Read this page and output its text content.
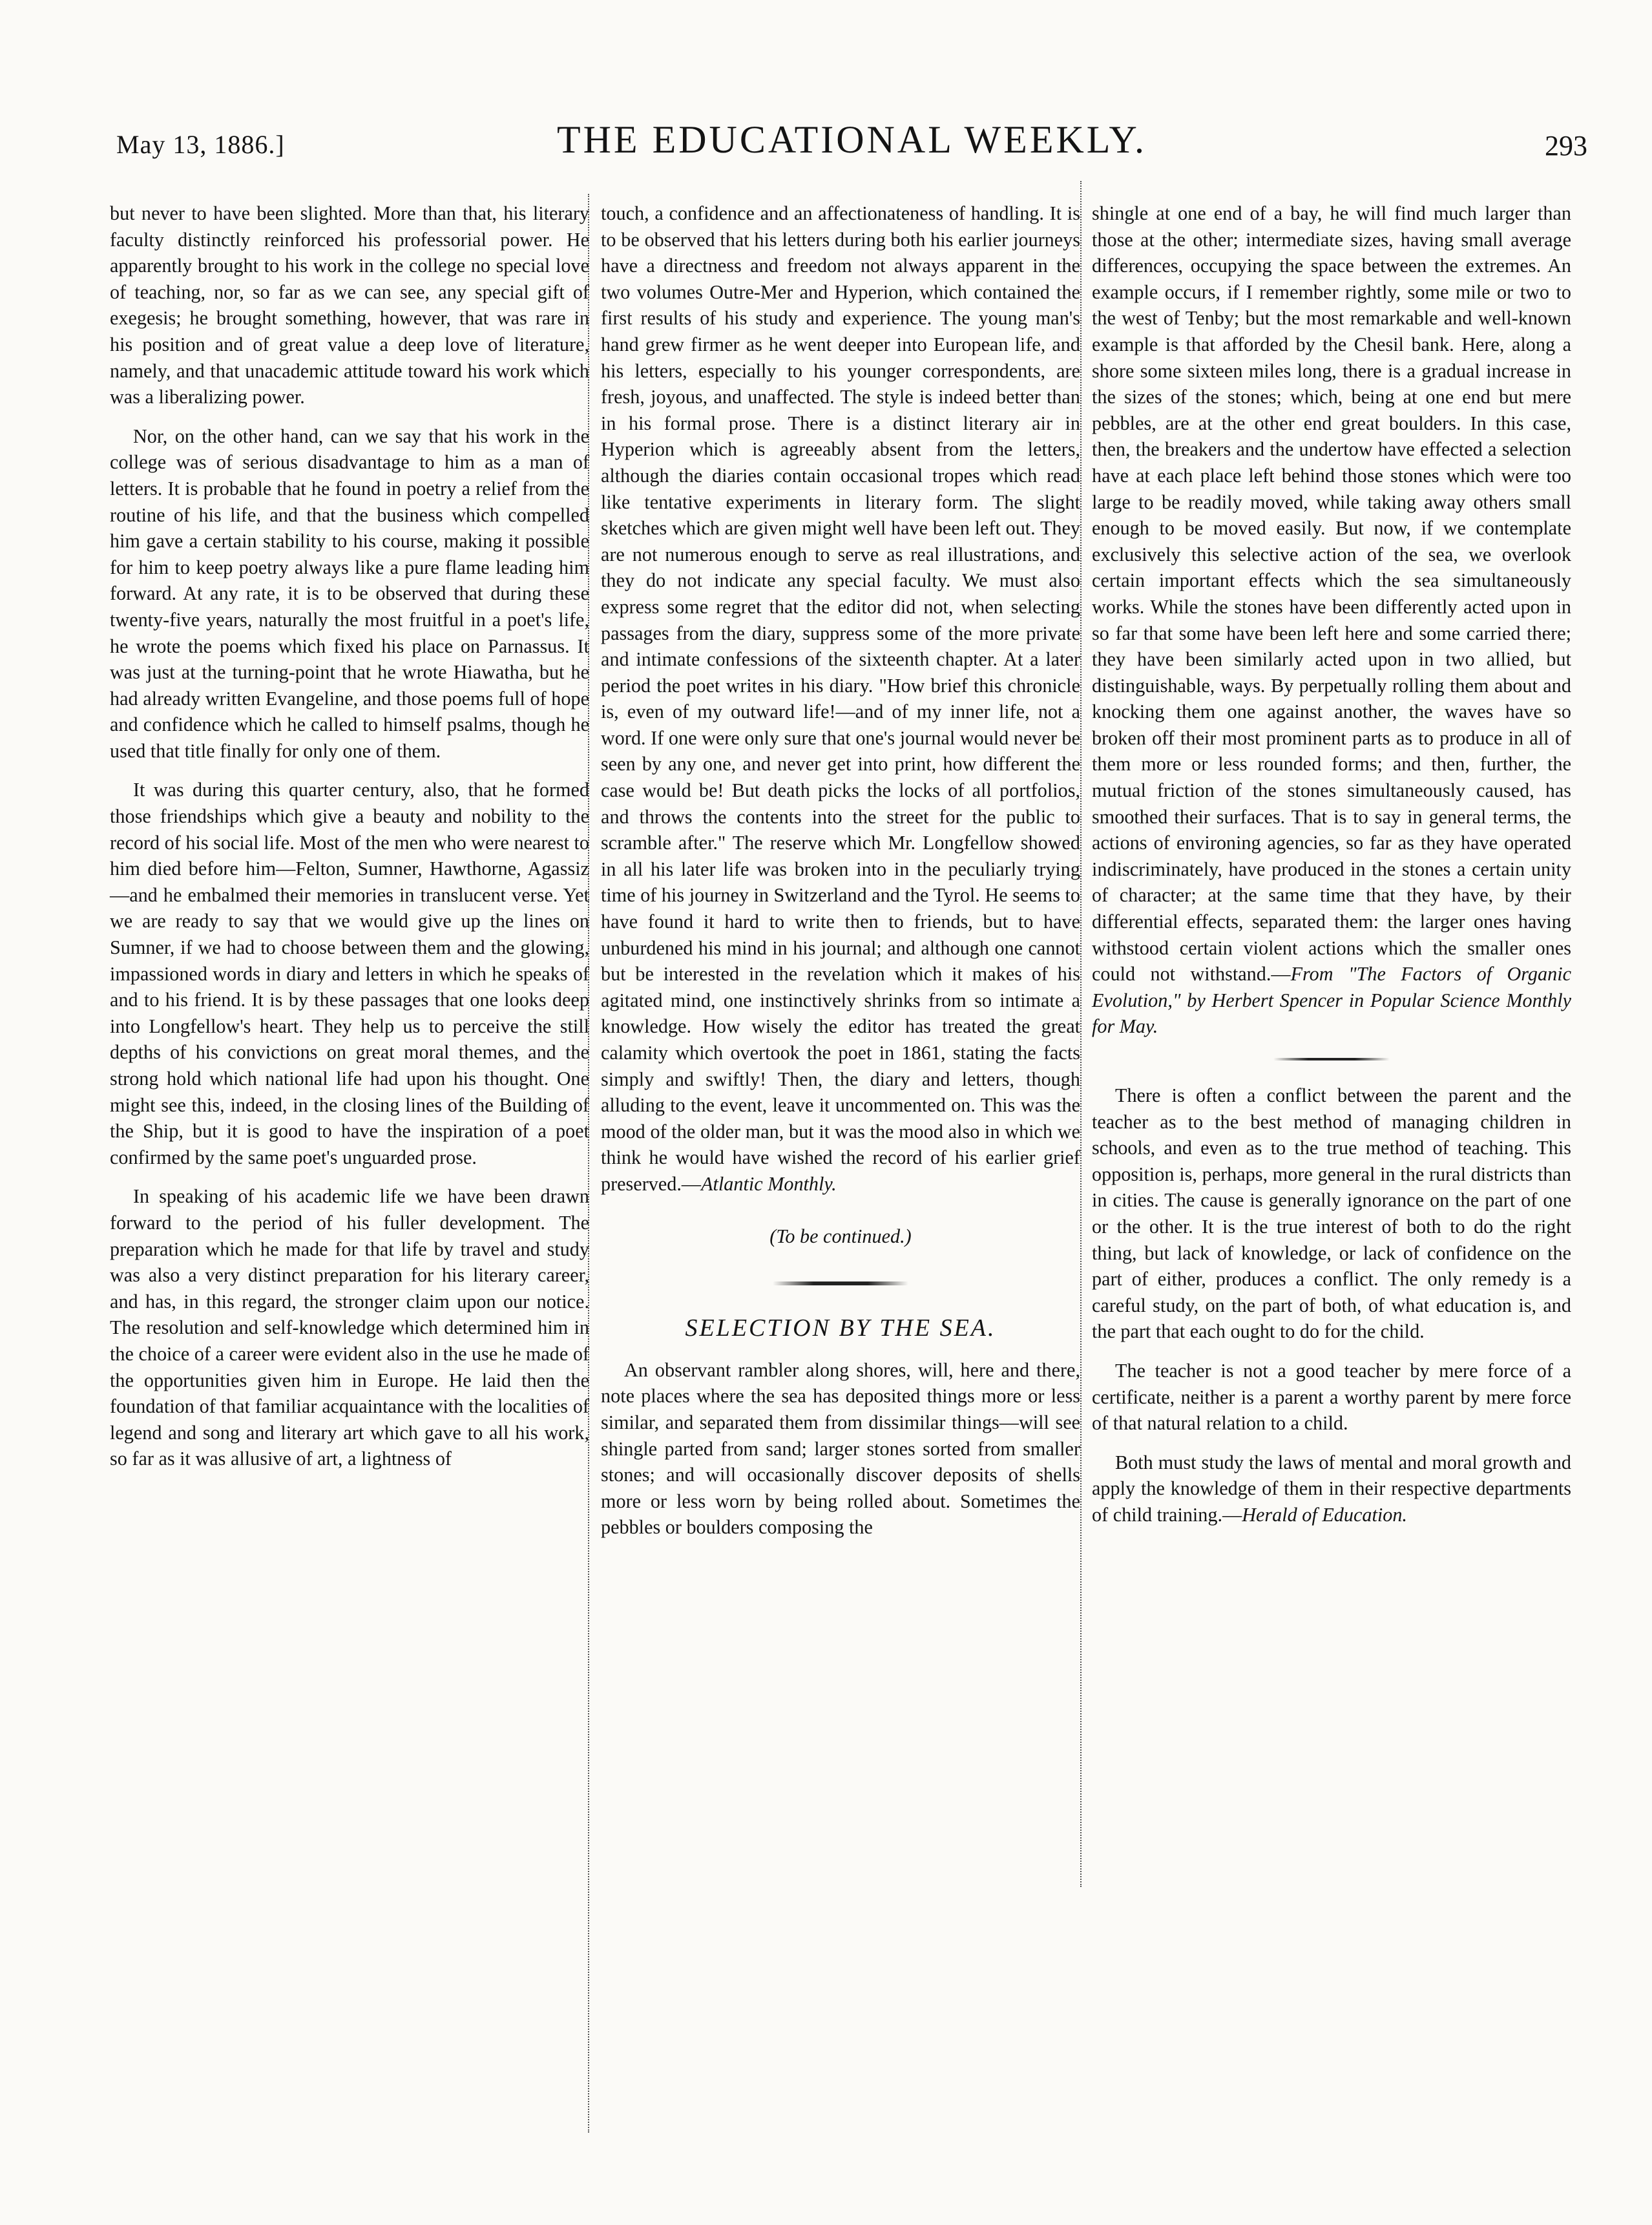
May 13, 1886.]	THE EDUCATIONAL WEEKLY.	293

but never to have been slighted. More than that, his literary faculty distinctly reinforced his professorial power. He apparently brought to his work in the college no special love of teaching, nor, so far as we can see, any special gift of exegesis; he brought something, however, that was rare in his position and of great value a deep love of literature, namely, and that unacademic attitude toward his work which was a liberalizing power.

Nor, on the other hand, can we say that his work in the college was of serious disadvantage to him as a man of letters. It is probable that he found in poetry a relief from the routine of his life, and that the business which compelled him gave a certain stability to his course, making it possible for him to keep poetry always like a pure flame leading him forward. At any rate, it is to be observed that during these twenty-five years, naturally the most fruitful in a poet's life, he wrote the poems which fixed his place on Parnassus. It was just at the turning-point that he wrote Hiawatha, but he had already written Evangeline, and those poems full of hope and confidence which he called to himself psalms, though he used that title finally for only one of them.

It was during this quarter century, also, that he formed those friendships which give a beauty and nobility to the record of his social life. Most of the men who were nearest to him died before him—Felton, Sumner, Hawthorne, Agassiz—and he embalmed their memories in translucent verse. Yet we are ready to say that we would give up the lines on Sumner, if we had to choose between them and the glowing, impassioned words in diary and letters in which he speaks of and to his friend. It is by these passages that one looks deep into Longfellow's heart. They help us to perceive the still depths of his convictions on great moral themes, and the strong hold which national life had upon his thought. One might see this, indeed, in the closing lines of the Building of the Ship, but it is good to have the inspiration of a poet confirmed by the same poet's unguarded prose.

In speaking of his academic life we have been drawn forward to the period of his fuller development. The preparation which he made for that life by travel and study was also a very distinct preparation for his literary career, and has, in this regard, the stronger claim upon our notice. The resolution and self-knowledge which determined him in the choice of a career were evident also in the use he made of the opportunities given him in Europe. He laid then the foundation of that familiar acquaintance with the localities of legend and song and literary art which gave to all his work, so far as it was allusive of art, a lightness of

touch, a confidence and an affectionateness of handling. It is to be observed that his letters during both his earlier journeys have a directness and freedom not always apparent in the two volumes Outre-Mer and Hyperion, which contained the first results of his study and experience. The young man's hand grew firmer as he went deeper into European life, and his letters, especially to his younger correspondents, are fresh, joyous, and unaffected. The style is indeed better than in his formal prose. There is a distinct literary air in Hyperion which is agreeably absent from the letters, although the diaries contain occasional tropes which read like tentative experiments in literary form. The slight sketches which are given might well have been left out. They are not numerous enough to serve as real illustrations, and they do not indicate any special faculty. We must also express some regret that the editor did not, when selecting passages from the diary, suppress some of the more private and intimate confessions of the sixteenth chapter. At a later period the poet writes in his diary. "How brief this chronicle is, even of my outward life!—and of my inner life, not a word. If one were only sure that one's journal would never be seen by any one, and never get into print, how different the case would be! But death picks the locks of all portfolios, and throws the contents into the street for the public to scramble after." The reserve which Mr. Longfellow showed in all his later life was broken into in the peculiarly trying time of his journey in Switzerland and the Tyrol. He seems to have found it hard to write then to friends, but to have unburdened his mind in his journal; and although one cannot but be interested in the revelation which it makes of his agitated mind, one instinctively shrinks from so intimate a knowledge. How wisely the editor has treated the great calamity which overtook the poet in 1861, stating the facts simply and swiftly! Then, the diary and letters, though alluding to the event, leave it uncommented on. This was the mood of the older man, but it was the mood also in which we think he would have wished the record of his earlier grief preserved.—Atlantic Monthly.

(To be continued.)

SELECTION BY THE SEA.

An observant rambler along shores, will, here and there, note places where the sea has deposited things more or less similar, and separated them from dissimilar things—will see shingle parted from sand; larger stones sorted from smaller stones; and will occasionally discover deposits of shells more or less worn by being rolled about. Sometimes the pebbles or boulders composing the

shingle at one end of a bay, he will find much larger than those at the other; intermediate sizes, having small average differences, occupying the space between the extremes. An example occurs, if I remember rightly, some mile or two to the west of Tenby; but the most remarkable and well-known example is that afforded by the Chesil bank. Here, along a shore some sixteen miles long, there is a gradual increase in the sizes of the stones; which, being at one end but mere pebbles, are at the other end great boulders. In this case, then, the breakers and the undertow have effected a selection have at each place left behind those stones which were too large to be readily moved, while taking away others small enough to be moved easily. But now, if we contemplate exclusively this selective action of the sea, we overlook certain important effects which the sea simultaneously works. While the stones have been differently acted upon in so far that some have been left here and some carried there; they have been similarly acted upon in two allied, but distinguishable, ways. By perpetually rolling them about and knocking them one against another, the waves have so broken off their most prominent parts as to produce in all of them more or less rounded forms; and then, further, the mutual friction of the stones simultaneously caused, has smoothed their surfaces. That is to say in general terms, the actions of environing agencies, so far as they have operated indiscriminately, have produced in the stones a certain unity of character; at the same time that they have, by their differential effects, separated them: the larger ones having withstood certain violent actions which the smaller ones could not withstand.—From "The Factors of Organic Evolution," by Herbert Spencer in Popular Science Monthly for May.

There is often a conflict between the parent and the teacher as to the best method of managing children in schools, and even as to the true method of teaching. This opposition is, perhaps, more general in the rural districts than in cities. The cause is generally ignorance on the part of one or the other. It is the true interest of both to do the right thing, but lack of knowledge, or lack of confidence on the part of either, produces a conflict. The only remedy is a careful study, on the part of both, of what education is, and the part that each ought to do for the child.

The teacher is not a good teacher by mere force of a certificate, neither is a parent a worthy parent by mere force of that natural relation to a child.

Both must study the laws of mental and moral growth and apply the knowledge of them in their respective departments of child training.—Herald of Education.
